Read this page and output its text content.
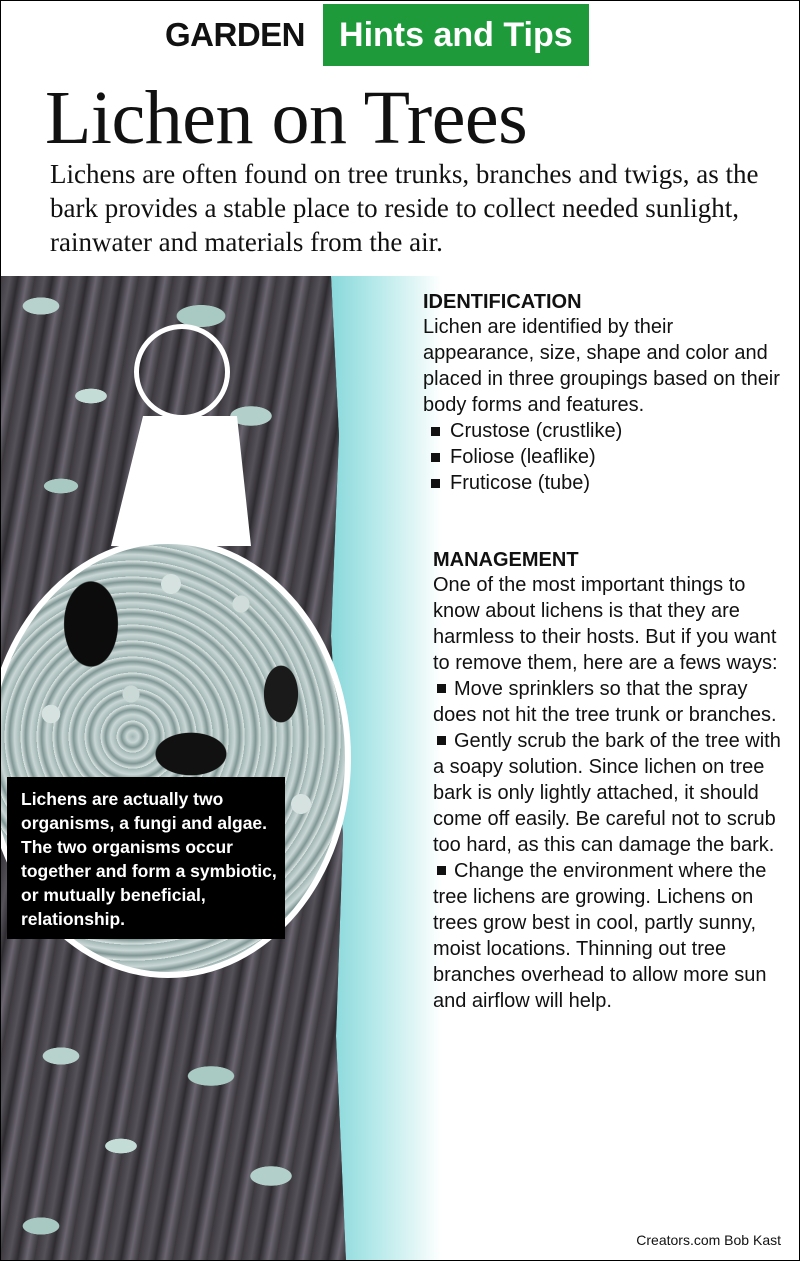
GARDEN	Hints and Tips
Lichen on Trees

Lichens are often found on tree trunks, branches and twigs, as the bark provides a stable place to reside to collect needed sunlight, rainwater and materials from the air.

Lichens are actually two organisms, a fungi and algae. The two organisms occur together and form a symbiotic, or mutually beneficial, relationship.
IDENTIFICATION

Lichen are identified by their appearance, size, shape and color and placed in three groupings based on their body forms and features.

Crustose (crustlike)
Foliose (leaflike)
Fruticose (tube)
MANAGEMENT

One of the most important things to know about lichens is that they are harmless to their hosts. But if you want to remove them, here are a fews ways:

Move sprinklers so that the spray does not hit the tree trunk or branches.
Gently scrub the bark of the tree with a soapy solution. Since lichen on tree bark is only lightly attached, it should come off easily. Be careful not to scrub too hard, as this can damage the bark.
Change the environment where the tree lichens are growing. Lichens on trees grow best in cool, partly sunny, moist locations. Thinning out tree branches overhead to allow more sun and airflow will help.
Creators.com Bob Kast
